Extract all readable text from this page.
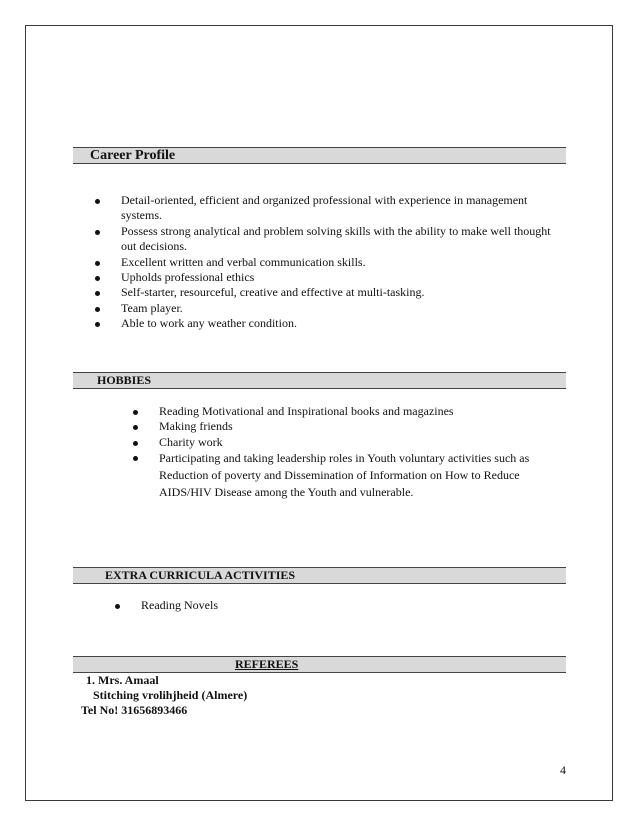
Career Profile
Detail-oriented, efficient and organized professional with experience in management systems.
Possess strong analytical and problem solving skills with the ability to make well thought out decisions.
Excellent written and verbal communication skills.
Upholds professional ethics
Self-starter, resourceful, creative and effective at multi-tasking.
Team player.
Able to work any weather condition.
HOBBIES
Reading Motivational and Inspirational books and magazines
Making friends
Charity work
Participating and taking leadership roles in Youth voluntary activities such as Reduction of poverty and Dissemination of Information on How to Reduce AIDS/HIV Disease among the Youth and vulnerable.
EXTRA CURRICULA ACTIVITIES
Reading Novels
REFEREES
1. Mrs. Amaal
Stitching vrolihjheid (Almere)
Tel No! 31656893466
4
